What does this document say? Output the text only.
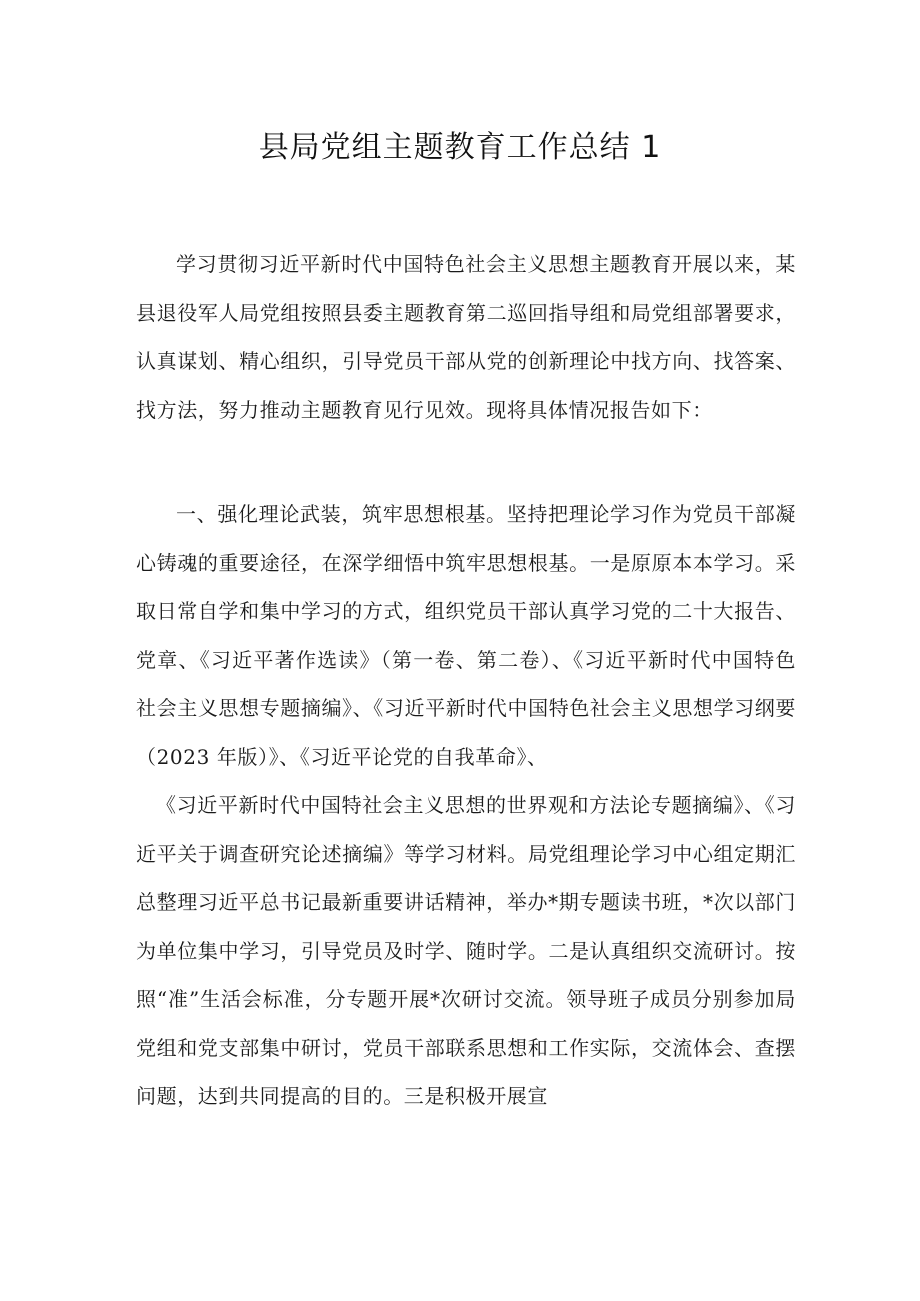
县局党组主题教育工作总结 1
学习贯彻习近平新时代中国特色社会主义思想主题教育开展以来，某县退役军人局党组按照县委主题教育第二巡回指导组和局党组部署要求，认真谋划、精心组织，引导党员干部从党的创新理论中找方向、找答案、找方法，努力推动主题教育见行见效。现将具体情况报告如下：
一、强化理论武装，筑牢思想根基。坚持把理论学习作为党员干部凝心铸魂的重要途径，在深学细悟中筑牢思想根基。一是原原本本学习。采取日常自学和集中学习的方式，组织党员干部认真学习党的二十大报告、党章、《习近平著作选读》（第一卷、第二卷）、《习近平新时代中国特色社会主义思想专题摘编》、《习近平新时代中国特色社会主义思想学习纲要（2023 年版）》、《习近平论党的自我革命》、
《习近平新时代中国特社会主义思想的世界观和方法论专题摘编》、《习近平关于调查研究论述摘编》等学习材料。局党组理论学习中心组定期汇总整理习近平总书记最新重要讲话精神，举办*期专题读书班，*次以部门为单位集中学习，引导党员及时学、随时学。二是认真组织交流研讨。按照“准”生活会标准，分专题开展*次研讨交流。领导班子成员分别参加局党组和党支部集中研讨，党员干部联系思想和工作实际，交流体会、查摆问题，达到共同提高的目的。三是积极开展宣
